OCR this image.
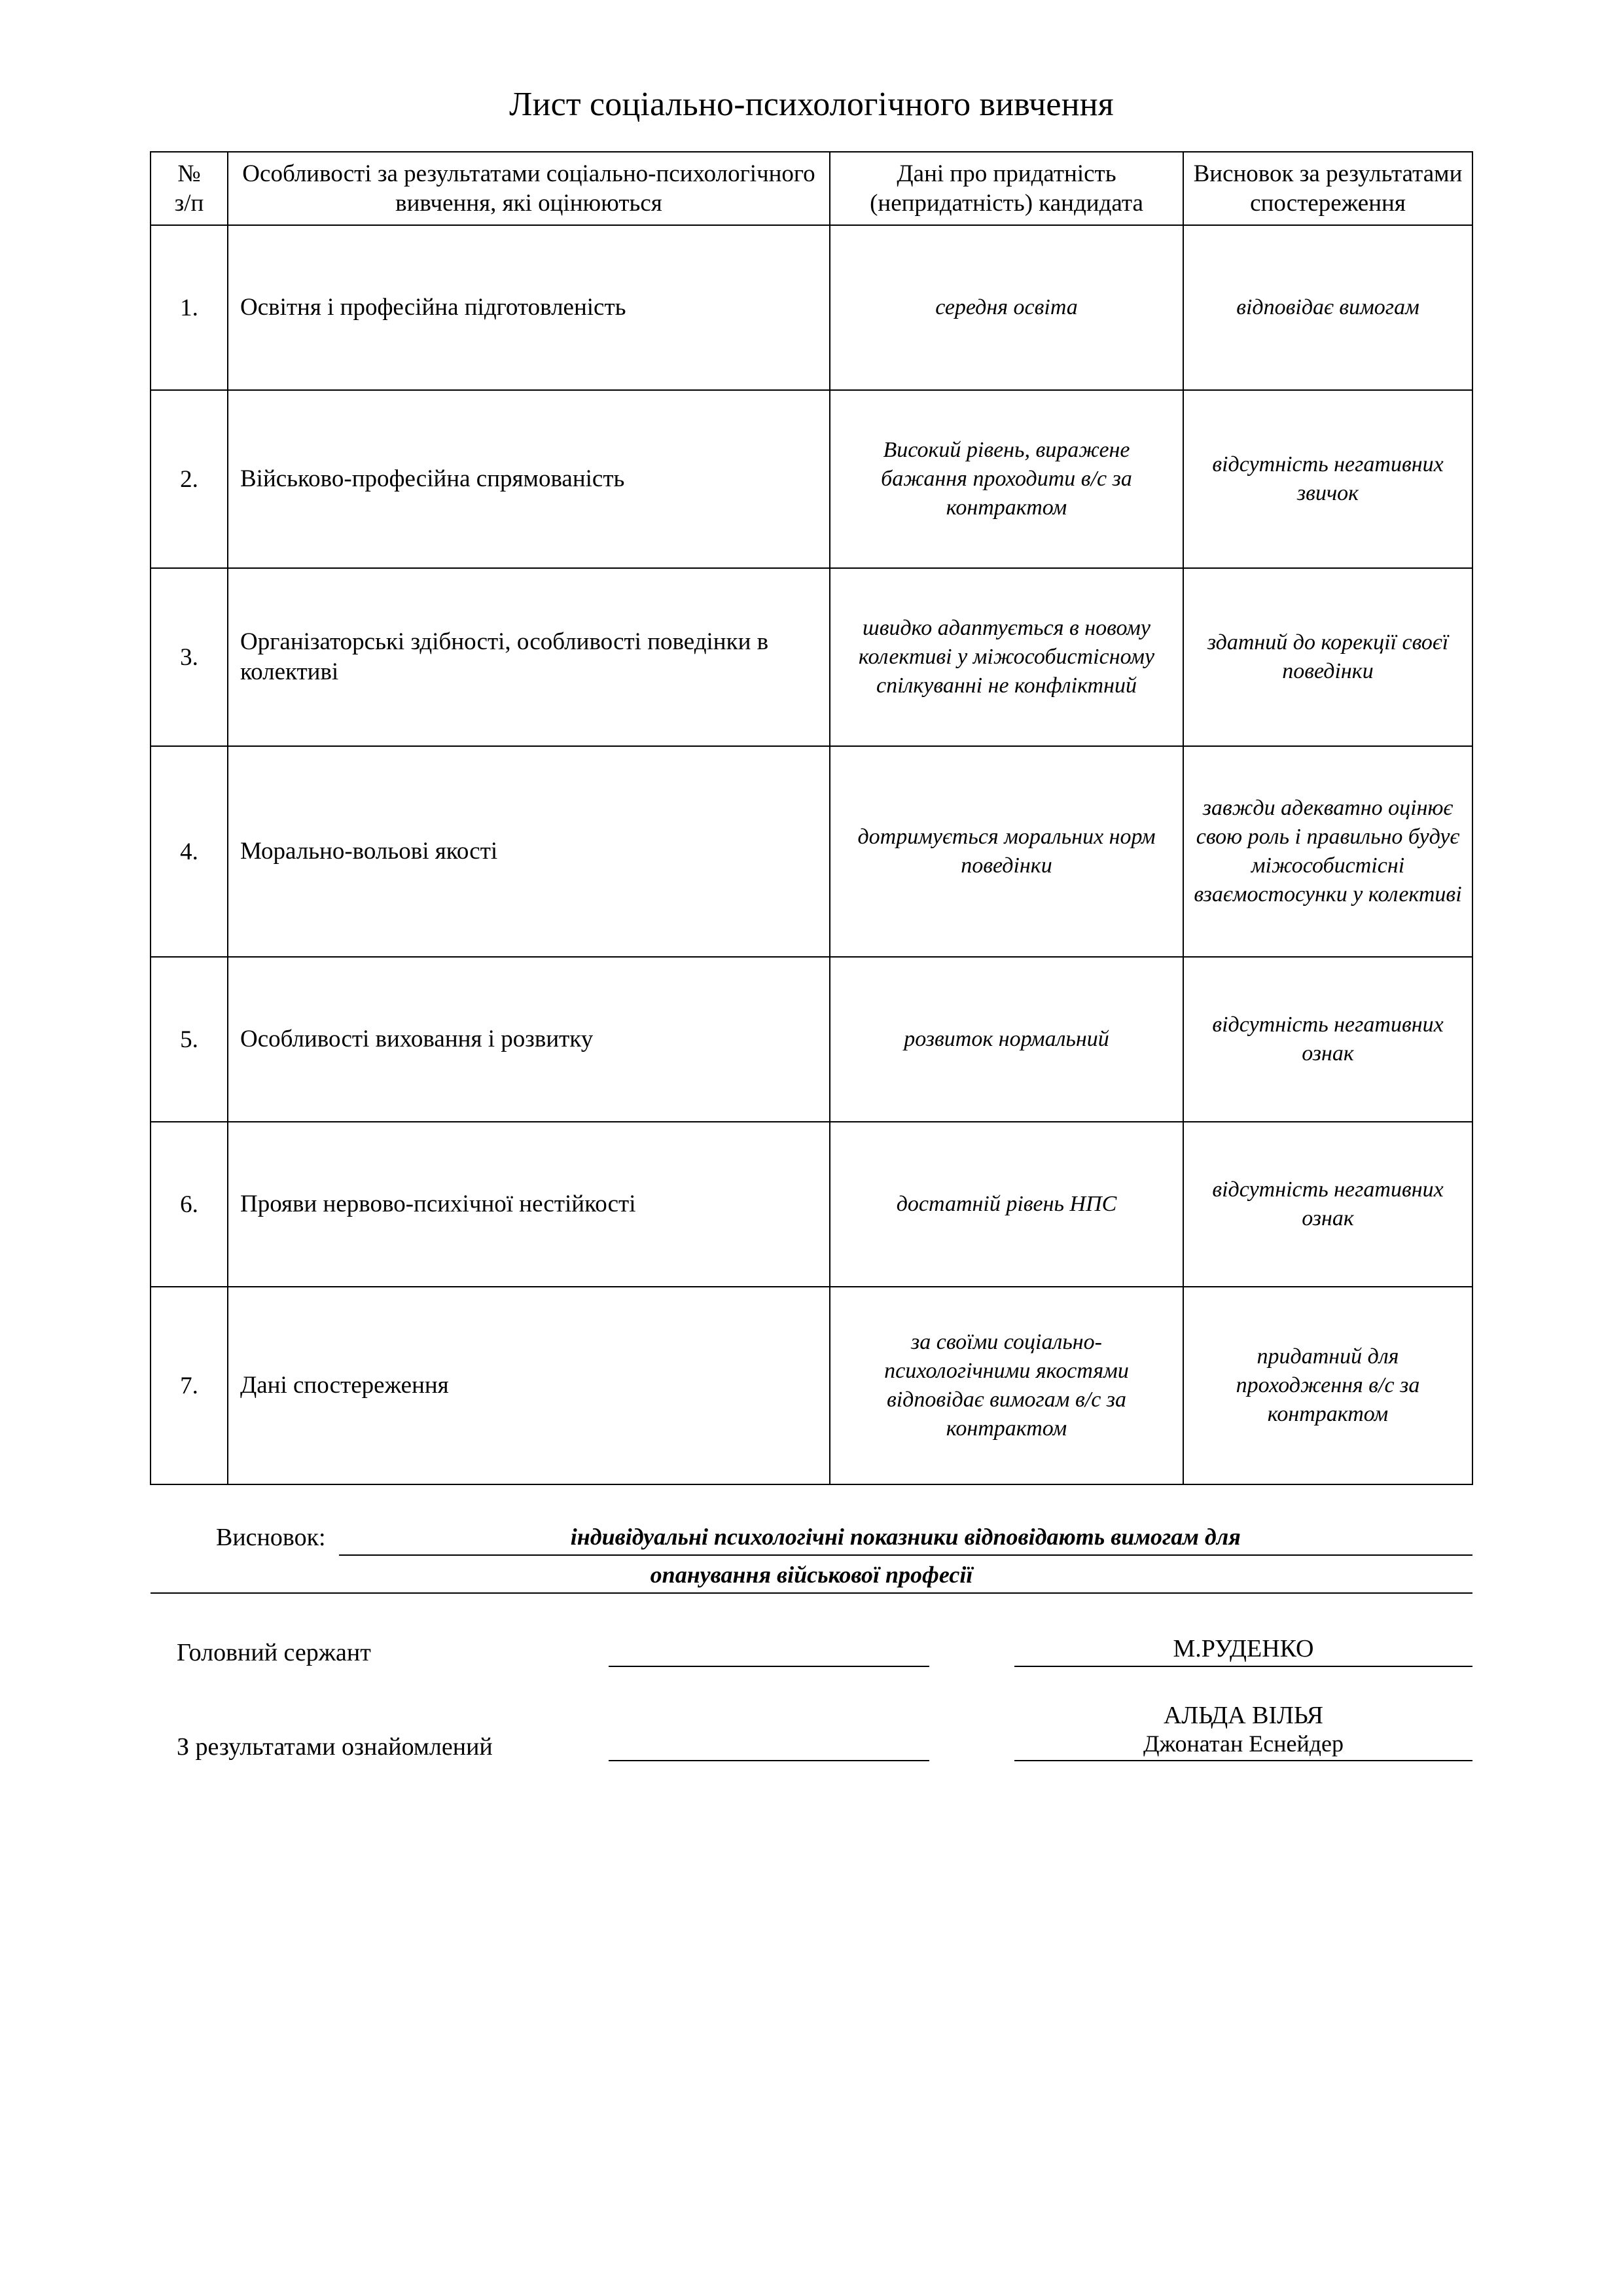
Лист соціально-психологічного вивчення
№
з/п	Особливості за результатами соціально-психологічного вивчення, які оцінюються	Дані про придатність (непридатність) кандидата	Висновок за результатами спостереження
1.	Освітня і професійна підготовленість	середня освіта	відповідає вимогам
2.	Військово-професійна спрямованість	Високий рівень, виражене бажання проходити в/с за контрактом	відсутність негативних звичок
3.	Організаторські здібності, особливості поведінки в колективі	швидко адаптується в новому колективі у міжособистісному спілкуванні не конфліктний	здатний до корекції своєї поведінки
4.	Морально-вольові якості	дотримується моральних норм поведінки	завжди адекватно оцінює свою роль і правильно будує міжособистісні взаємостосунки у колективі
5.	Особливості виховання і розвитку	розвиток нормальний	відсутність негативних ознак
6.	Прояви нервово-психічної нестійкості	достатній рівень НПС	відсутність негативних ознак
7.	Дані спостереження	за своїми соціально-психологічними якостями відповідає вимогам в/с за контрактом	придатний для проходження в/с за контрактом
Висновок:	індивідуальні психологічні показники відповідають вимогам для
опанування військової професії
Головний сержант	М.РУДЕНКО
З результатами ознайомлений
АЛЬДА ВІЛЬЯ
Джонатан Еснейдер
